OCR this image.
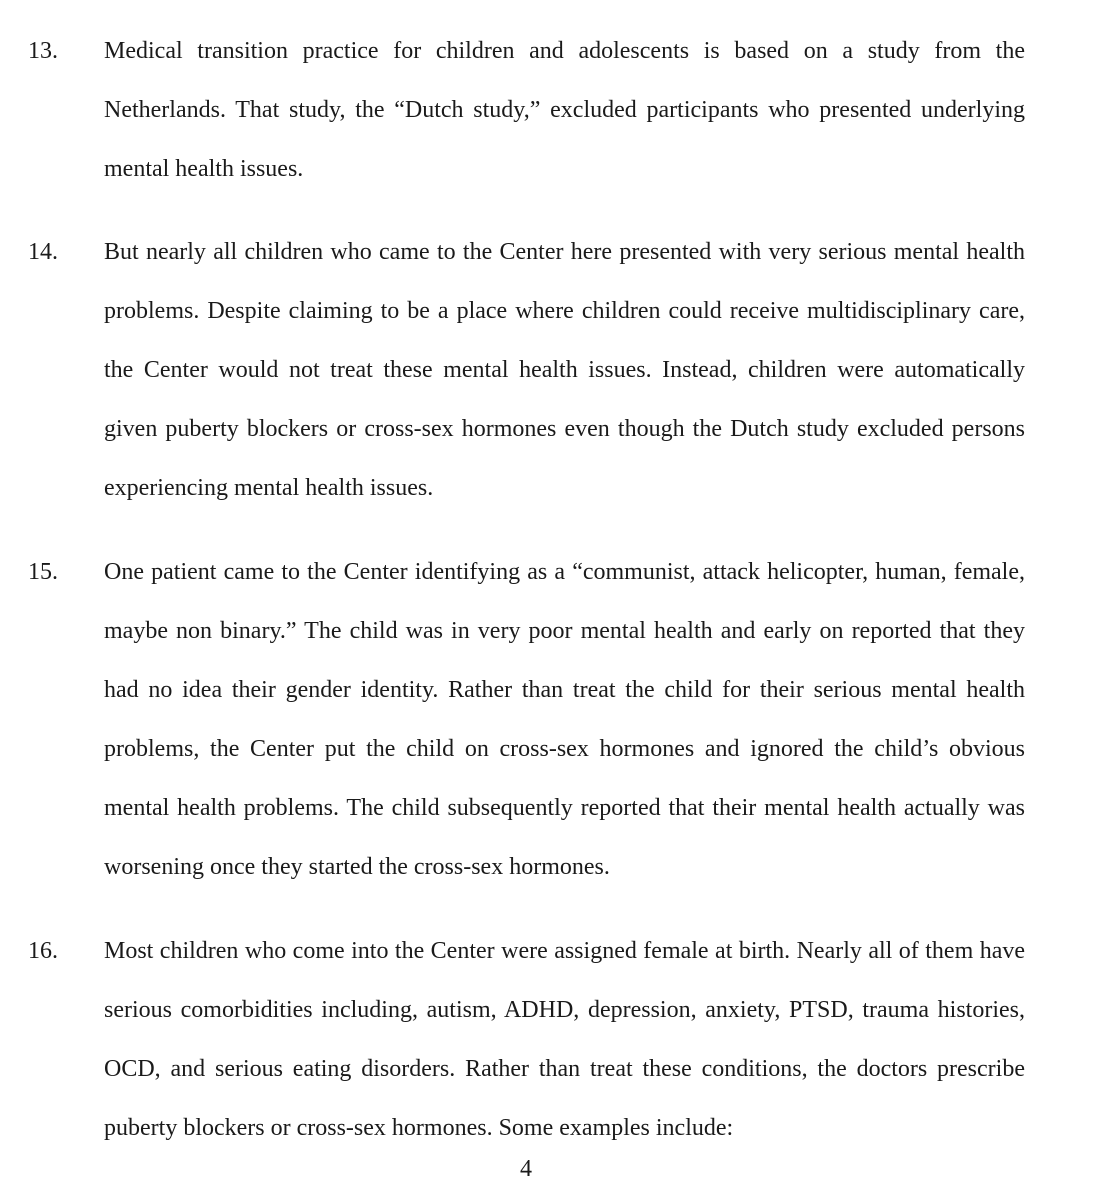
13. Medical transition practice for children and adolescents is based on a study from the Netherlands. That study, the “Dutch study,” excluded participants who presented underlying mental health issues.
14. But nearly all children who came to the Center here presented with very serious mental health problems. Despite claiming to be a place where children could receive multidisciplinary care, the Center would not treat these mental health issues. Instead, children were automatically given puberty blockers or cross-sex hormones even though the Dutch study excluded persons experiencing mental health issues.
15. One patient came to the Center identifying as a “communist, attack helicopter, human, female, maybe non binary.” The child was in very poor mental health and early on reported that they had no idea their gender identity. Rather than treat the child for their serious mental health problems, the Center put the child on cross-sex hormones and ignored the child’s obvious mental health problems. The child subsequently reported that their mental health actually was worsening once they started the cross-sex hormones.
16. Most children who come into the Center were assigned female at birth. Nearly all of them have serious comorbidities including, autism, ADHD, depression, anxiety, PTSD, trauma histories, OCD, and serious eating disorders. Rather than treat these conditions, the doctors prescribe puberty blockers or cross-sex hormones. Some examples include:
4
